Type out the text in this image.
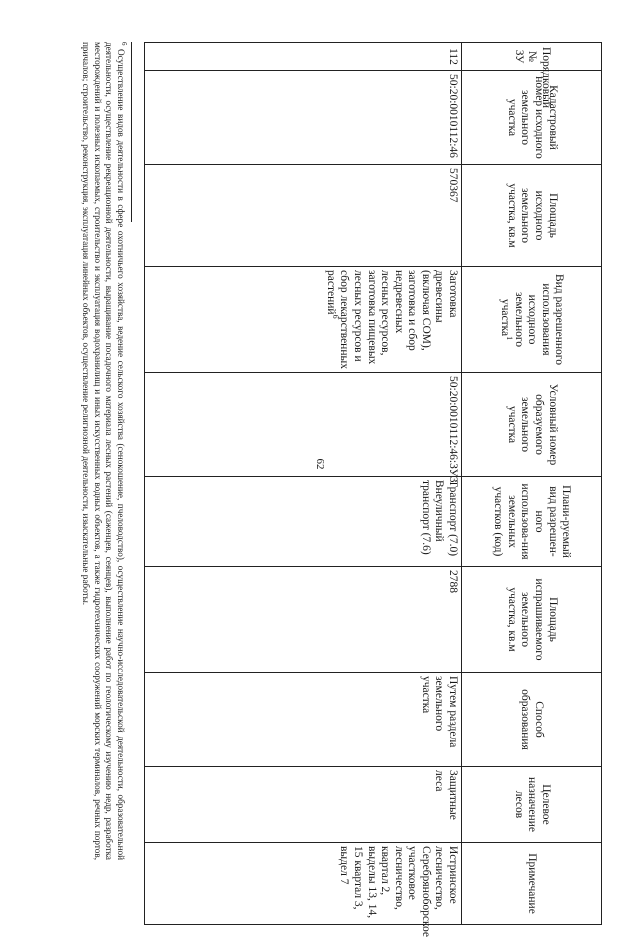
62
Порядковый № ЗУ	Кадастровый номер исходного земельного участка	Площадь исходного земельного участка, кв.м	Вид разрешенного использования исходного земельного участка$^1$	Условный номер образуемого земельного участка	Плани-руемый вид разрешен-ного использова-ния земельных участков (код)	Площадь испрашиваемого земельного участка, кв.м	Способ образования	Целевое назначение лесов	Примечание
112	50:20:0010112:46	570367	Заготовка древесины (включая СОМ), заготовка и сбор недревесных лесных ресурсов, заготовка пищевых лесных ресурсов и сбор лекарственных растений$^6$	50:20:0010112:46:ЗУ3	Транспорт (7.0)
Внеуличный транспорт (7.6)	2788	Путем раздела земельного участка	Защитные леса	Истринское лесничество, Серебряноборское участковое лесничество, квартал 2, выделы 13, 14, 15 квартал 3, выдел 7
$^6$ Осуществление видов деятельности в сфере охотничьего хозяйства, ведение сельского хозяйства (сенокошение, пчеловодство), осуществление научно-исследовательской деятельности, образовательной деятельности, осуществление рекреационной деятельности, выращивание посадочного материала лесных растений (саженцев, сеянцев), выполнение работ по геологическому изучению недр, разработка месторождений и полезных ископаемых, строительство и эксплуатация водохранилищ и иных искусственных водных объектов, а также гидротехнических сооружений морских терминалов, речных портов, причалов; строительство, реконструкция, эксплуатация линейных объектов, осуществление религиозной деятельности, изыскательные работы.
